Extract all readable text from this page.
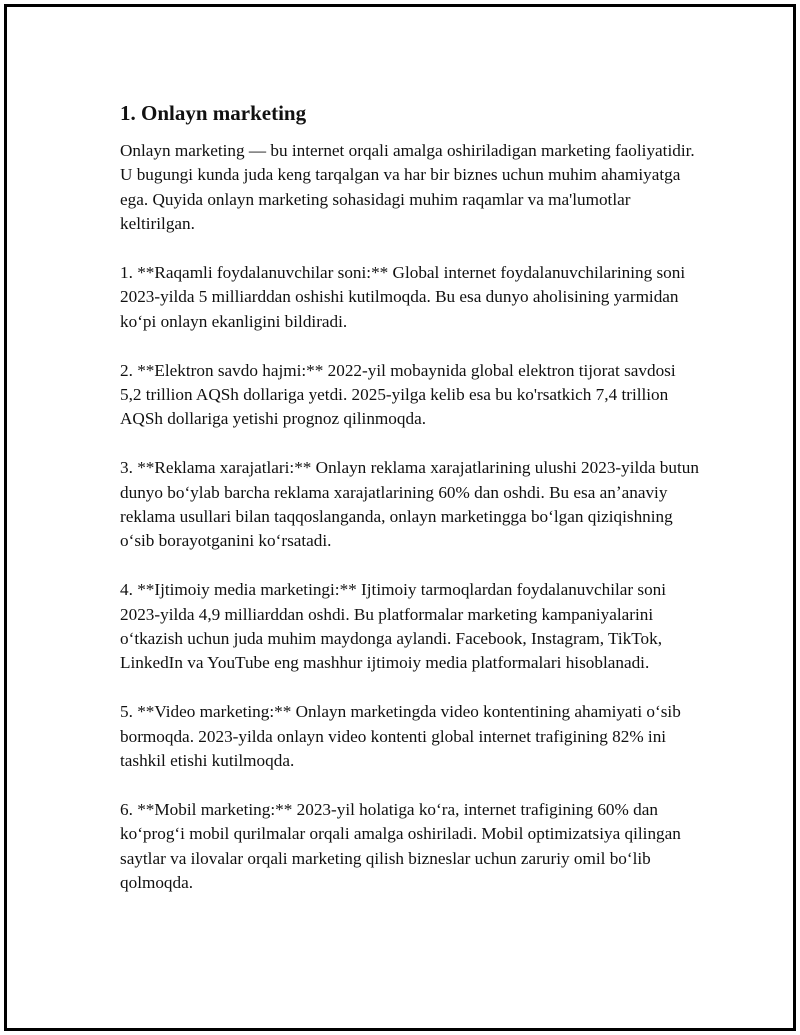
1. Onlayn marketing

Onlayn marketing — bu internet orqali amalga oshiriladigan marketing faoliyatidir. U bugungi kunda juda keng tarqalgan va har bir biznes uchun muhim ahamiyatga ega. Quyida onlayn marketing sohasidagi muhim raqamlar va ma'lumotlar keltirilgan.

1. **Raqamli foydalanuvchilar soni:** Global internet foydalanuvchilarining soni 2023-yilda 5 milliarddan oshishi kutilmoqda. Bu esa dunyo aholisining yarmidan koʻpi onlayn ekanligini bildiradi.

2. **Elektron savdo hajmi:** 2022-yil mobaynida global elektron tijorat savdosi 5,2 trillion AQSh dollariga yetdi. 2025-yilga kelib esa bu ko'rsatkich 7,4 trillion AQSh dollariga yetishi prognoz qilinmoqda.

3. **Reklama xarajatlari:** Onlayn reklama xarajatlarining ulushi 2023-yilda butun dunyo boʻylab barcha reklama xarajatlarining 60% dan oshdi. Bu esa anʼanaviy reklama usullari bilan taqqoslanganda, onlayn marketingga boʻlgan qiziqishning oʻsib borayotganini koʻrsatadi.

4. **Ijtimoiy media marketingi:** Ijtimoiy tarmoqlardan foydalanuvchilar soni 2023-yilda 4,9 milliarddan oshdi. Bu platformalar marketing kampaniyalarini oʻtkazish uchun juda muhim maydonga aylandi. Facebook, Instagram, TikTok, LinkedIn va YouTube eng mashhur ijtimoiy media platformalari hisoblanadi.

5. **Video marketing:** Onlayn marketingda video kontentining ahamiyati oʻsib bormoqda. 2023-yilda onlayn video kontenti global internet trafigining 82% ini tashkil etishi kutilmoqda.

6. **Mobil marketing:** 2023-yil holatiga koʻra, internet trafigining 60% dan koʻprogʻi mobil qurilmalar orqali amalga oshiriladi. Mobil optimizatsiya qilingan saytlar va ilovalar orqali marketing qilish bizneslar uchun zaruriy omil boʻlib qolmoqda.
